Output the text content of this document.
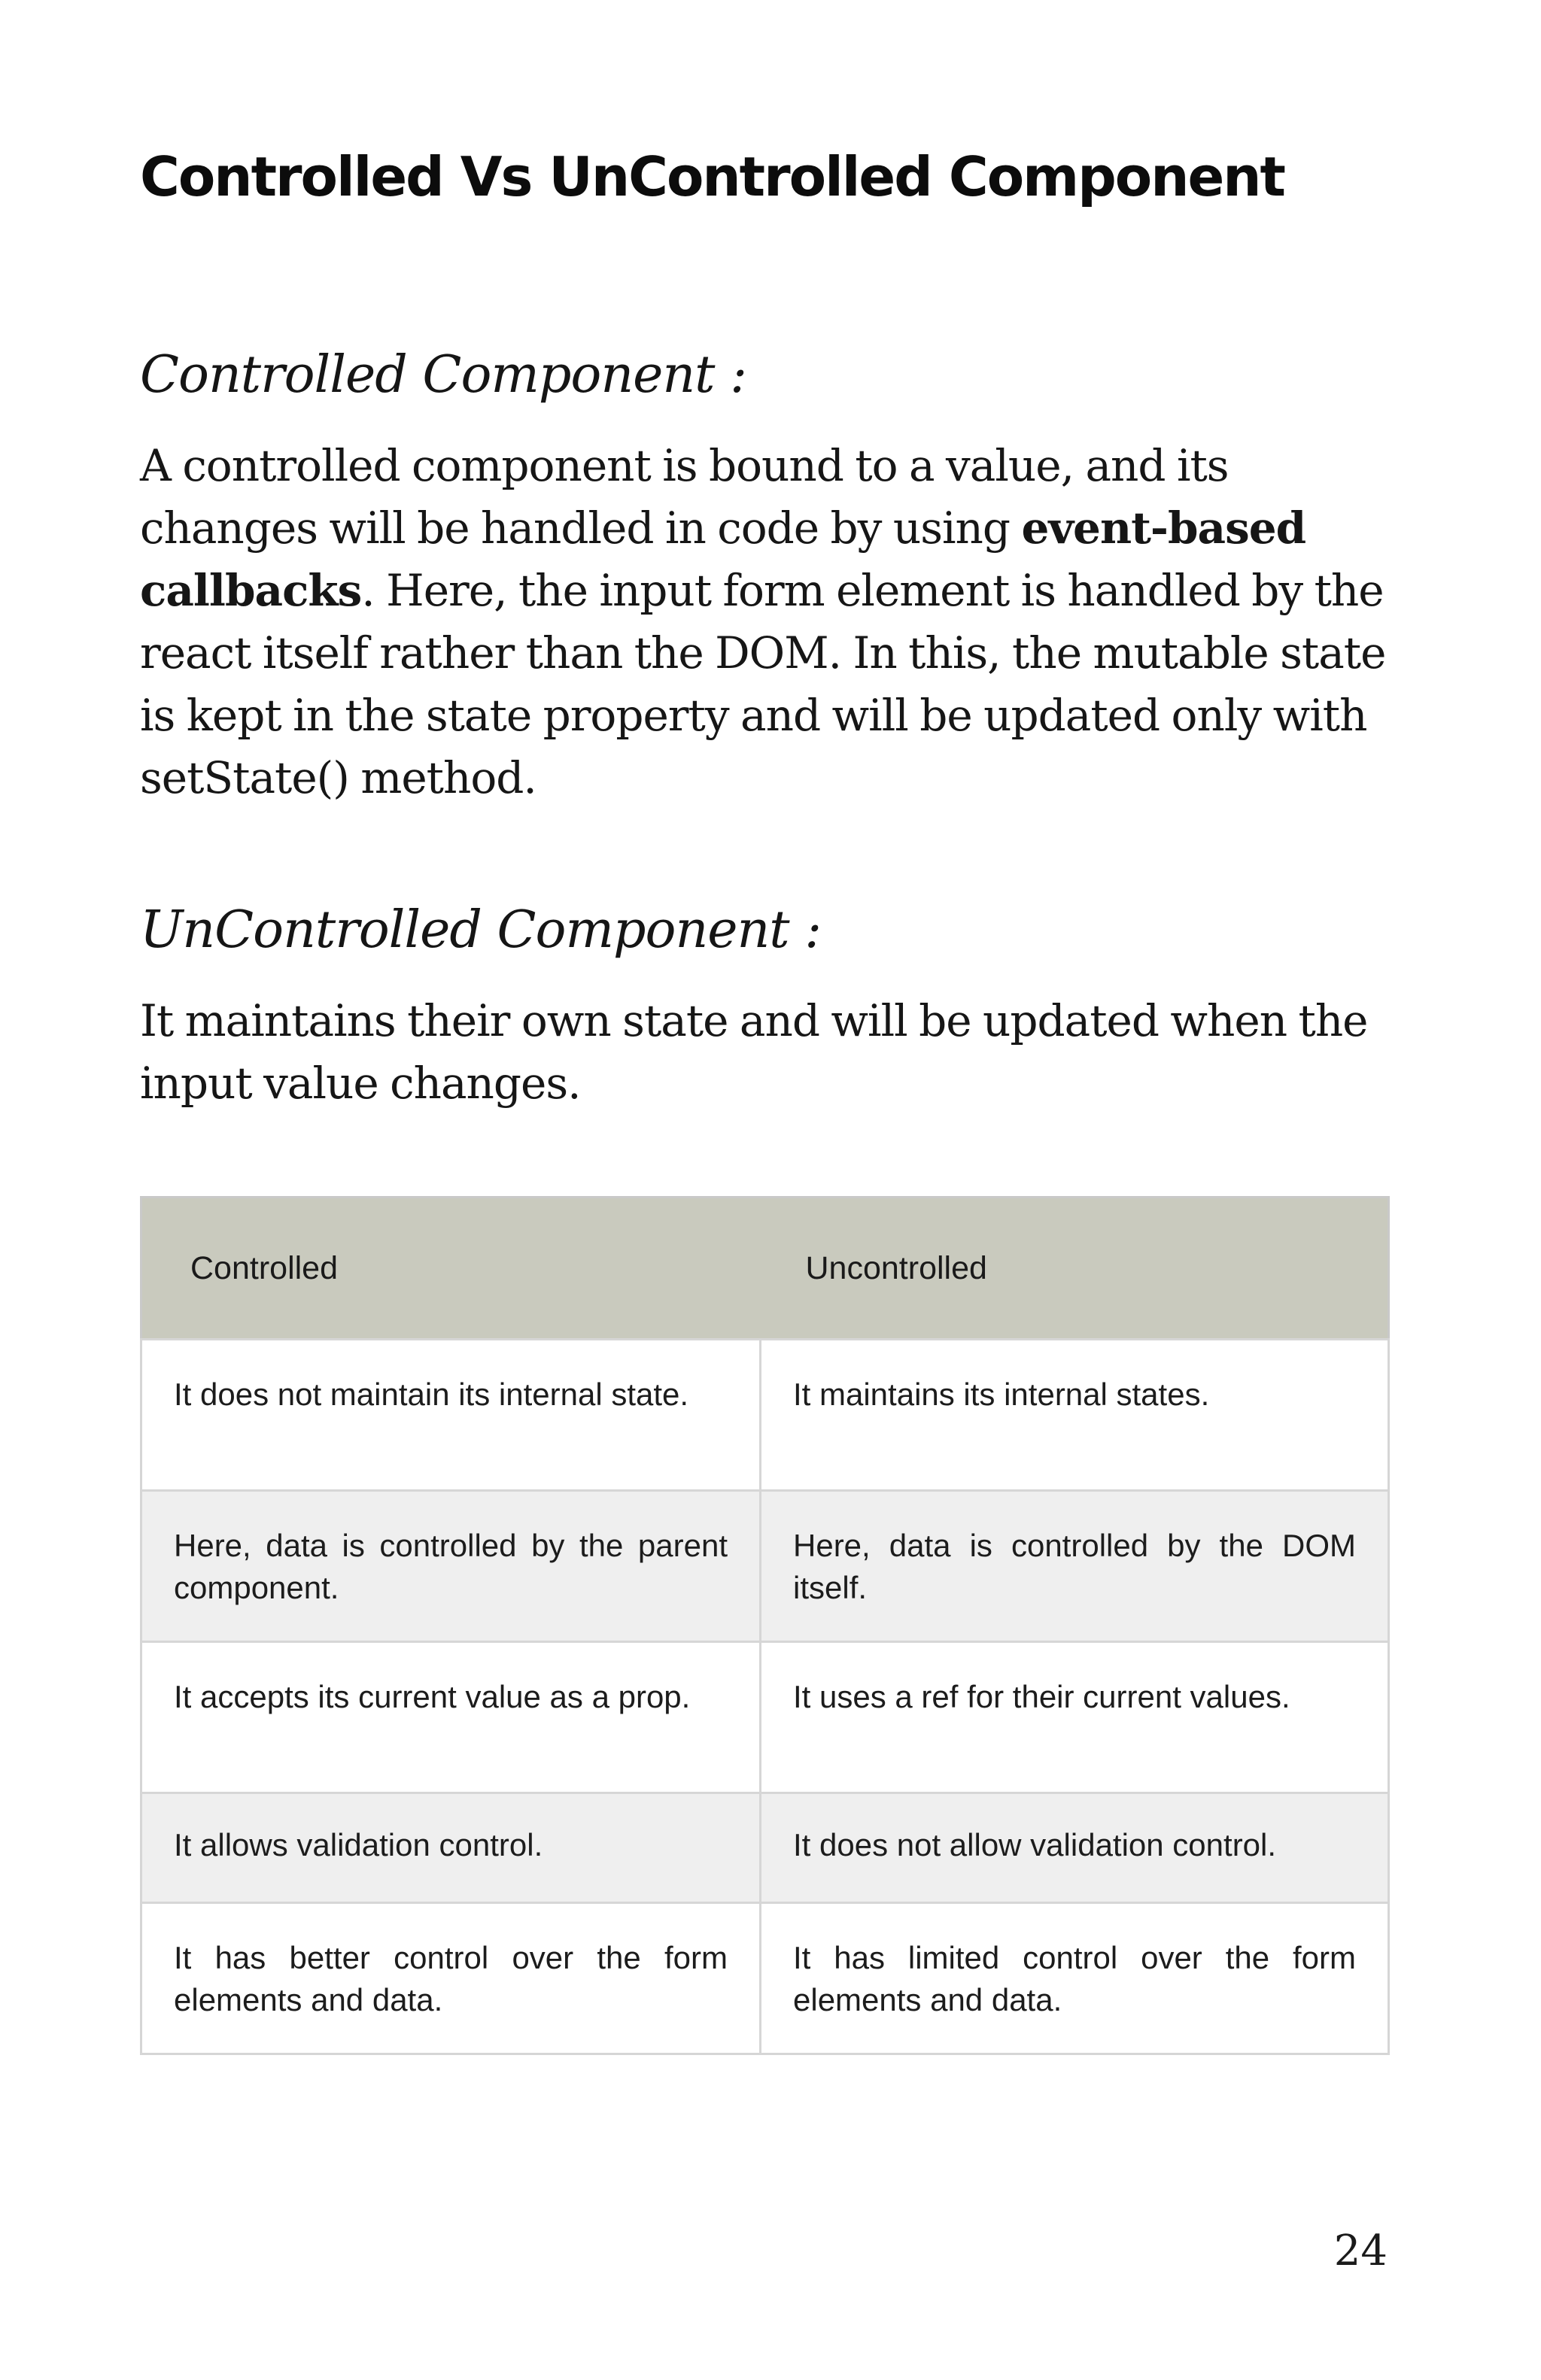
Controlled Vs UnControlled Component
Controlled Component :

A controlled component is bound to a value, and its changes will be handled in code by using event-based callbacks. Here, the input form element is handled by the react itself rather than the DOM. In this, the mutable state is kept in the state property and will be updated only with setState() method.

UnControlled Component :

It maintains their own state and will be updated when the input value changes.

Controlled	Uncontrolled
It does not maintain its internal state.	It maintains its internal states.
Here, data is controlled by the parent component.	Here, data is controlled by the DOM itself.
It accepts its current value as a prop.	It uses a ref for their current values.
It allows validation control.	It does not allow validation control.
It has better control over the form elements and data.	It has limited control over the form elements and data.

24
